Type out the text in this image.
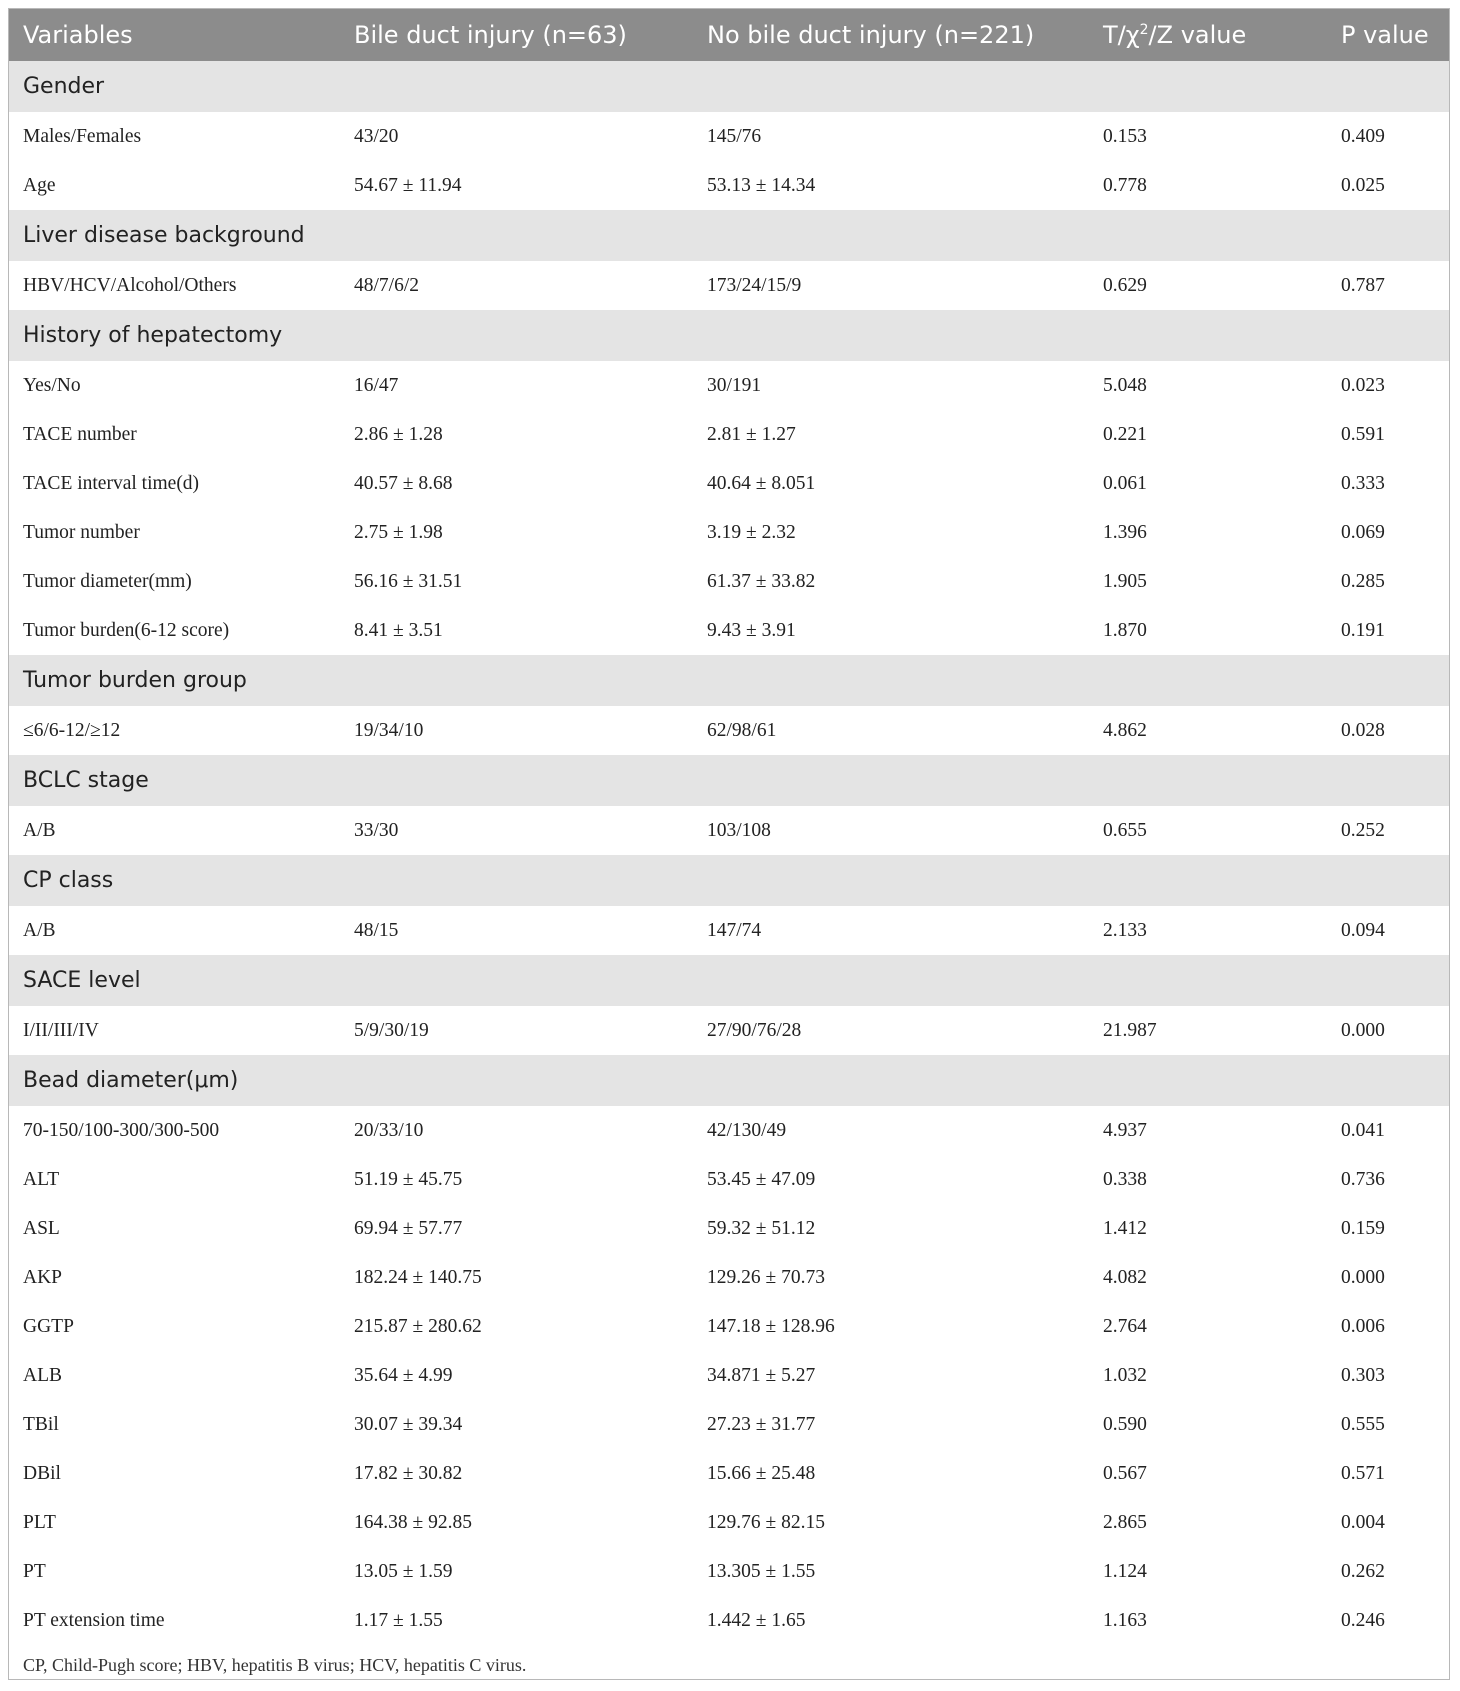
Variables	Bile duct injury (n=63)	No bile duct injury (n=221)	$T/\chi^2/Z$ value	P value
Gender				
Males/Females	43/20	145/76	0.153	0.409
Age	54.67 ± 11.94	53.13 ± 14.34	0.778	0.025
Liver disease background				
HBV/HCV/Alcohol/Others	48/7/6/2	173/24/15/9	0.629	0.787
History of hepatectomy				
Yes/No	16/47	30/191	5.048	0.023
TACE number	2.86 ± 1.28	2.81 ± 1.27	0.221	0.591
TACE interval time(d)	40.57 ± 8.68	40.64 ± 8.051	0.061	0.333
Tumor number	2.75 ± 1.98	3.19 ± 2.32	1.396	0.069
Tumor diameter(mm)	56.16 ± 31.51	61.37 ± 33.82	1.905	0.285
Tumor burden(6-12 score)	8.41 ± 3.51	9.43 ± 3.91	1.870	0.191
Tumor burden group				
≤6/6-12/≥12	19/34/10	62/98/61	4.862	0.028
BCLC stage				
A/B	33/30	103/108	0.655	0.252
CP class				
A/B	48/15	147/74	2.133	0.094
SACE level				
I/II/III/IV	5/9/30/19	27/90/76/28	21.987	0.000
Bead diameter(μm)				
70-150/100-300/300-500	20/33/10	42/130/49	4.937	0.041
ALT	51.19 ± 45.75	53.45 ± 47.09	0.338	0.736
ASL	69.94 ± 57.77	59.32 ± 51.12	1.412	0.159
AKP	182.24 ± 140.75	129.26 ± 70.73	4.082	0.000
GGTP	215.87 ± 280.62	147.18 ± 128.96	2.764	0.006
ALB	35.64 ± 4.99	34.871 ± 5.27	1.032	0.303
TBil	30.07 ± 39.34	27.23 ± 31.77	0.590	0.555
DBil	17.82 ± 30.82	15.66 ± 25.48	0.567	0.571
PLT	164.38 ± 92.85	129.76 ± 82.15	2.865	0.004
PT	13.05 ± 1.59	13.305 ± 1.55	1.124	0.262
PT extension time	1.17 ± 1.55	1.442 ± 1.65	1.163	0.246
CP, Child-Pugh score; HBV, hepatitis B virus; HCV, hepatitis C virus.
